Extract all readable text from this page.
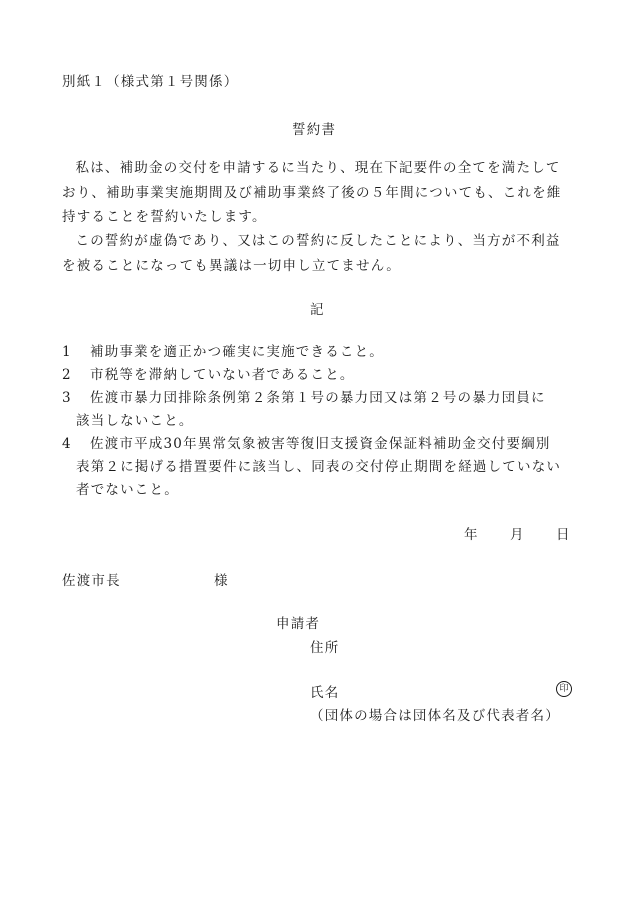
別紙１（様式第１号関係）
誓約書
私は、補助金の交付を申請するに当たり、現在下記要件の全てを満たしており、補助事業実施期間及び補助事業終了後の５年間についても、これを維持することを誓約いたします。
この誓約が虚偽であり、又はこの誓約に反したことにより、当方が不利益を被ることになっても異議は一切申し立てません。
記
1	補助事業を適正かつ確実に実施できること。
2	市税等を滞納していない者であること。
3	佐渡市暴力団排除条例第２条第１号の暴力団又は第２号の暴力団員に
該当しないこと。
4	佐渡市平成30年異常気象被害等復旧支援資金保証料補助金交付要綱別
表第２に掲げる措置要件に該当し、同表の交付停止期間を経過していない者でないこと。
年 月 日
佐渡市長	様
申請者
住所
氏名	印
（団体の場合は団体名及び代表者名）
